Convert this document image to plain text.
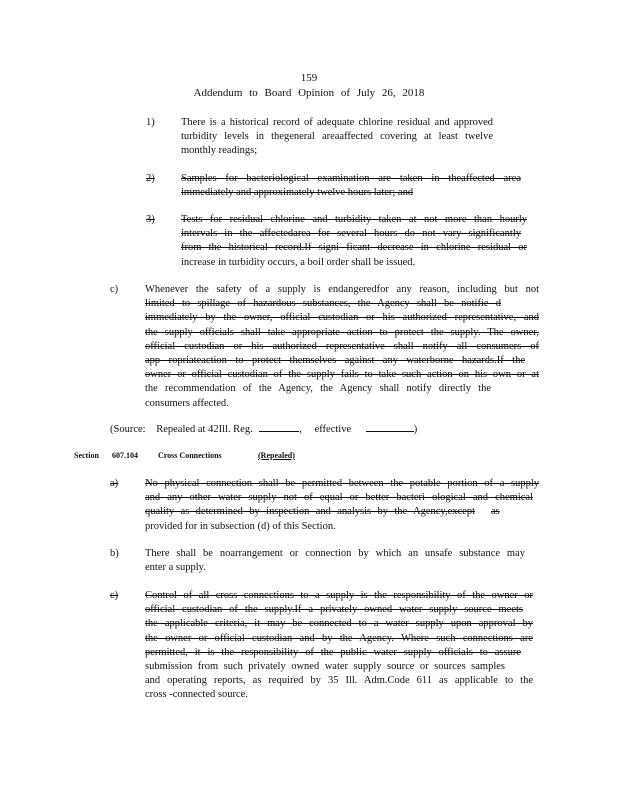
159
Addendum to Board Opinion of July 26, 2018
1)	There is a historical record of adequate chlorine residual and approved
turbidity levels in thegeneral areaaffected covering at least twelve
monthly readings;
2)	Samples for bacteriological examination are taken in theaffected area
immediately and approximately twelve hours later; and
3)	Tests for residual chlorine and turbidity taken at not more than hourly
intervals in the affectedarea for several hours do not vary significantly
from the historical record.If signi ficant decrease in chlorine residual or
increase in turbidity occurs, a boil order shall be issued.
c)	Whenever the safety of a supply is endangeredfor any reason, including but not
limited to spillage of hazardous substances, the Agency shall be notifie d
immediately by the owner, official custodian or his authorized representative, and
the supply officials shall take appropriate action to protect the supply. The owner,
official custodian or his authorized representative shall notify all consumers of
app ropriateaction to protect themselves against any waterborne hazards.If the
owner or official custodian of the supply fails to take such action on his own or at
the recommendation of the Agency, the Agency shall notify directly the
consumers affected.
(Source: Repealed at 42Ill. Reg.	, effective	)
Section 607.104	Cross Connections	(Repealed)
a)	No physical connection shall be permitted between the potable portion of a supply
and any other water supply not of equal or better bacteri ological and chemical
quality as determined by inspection and analysis by the Agency,except as
provided for in subsection (d) of this Section.
b)	There shall be noarrangement or connection by which an unsafe substance may
enter a supply.
c)	Control of all cross connections to a supply is the responsibility of the owner or
official custodian of the supply.If a privately owned water supply source meets
the applicable criteria, it may be connected to a water supply upon approval by
the owner or official custodian and by the Agency. Where such connections are
permitted, it is the responsibility of the public water supply officials to assure
submission from such privately owned water supply source or sources samples
and operating reports, as required by 35 Ill. Adm.Code 611 as applicable to the
cross -connected source.
